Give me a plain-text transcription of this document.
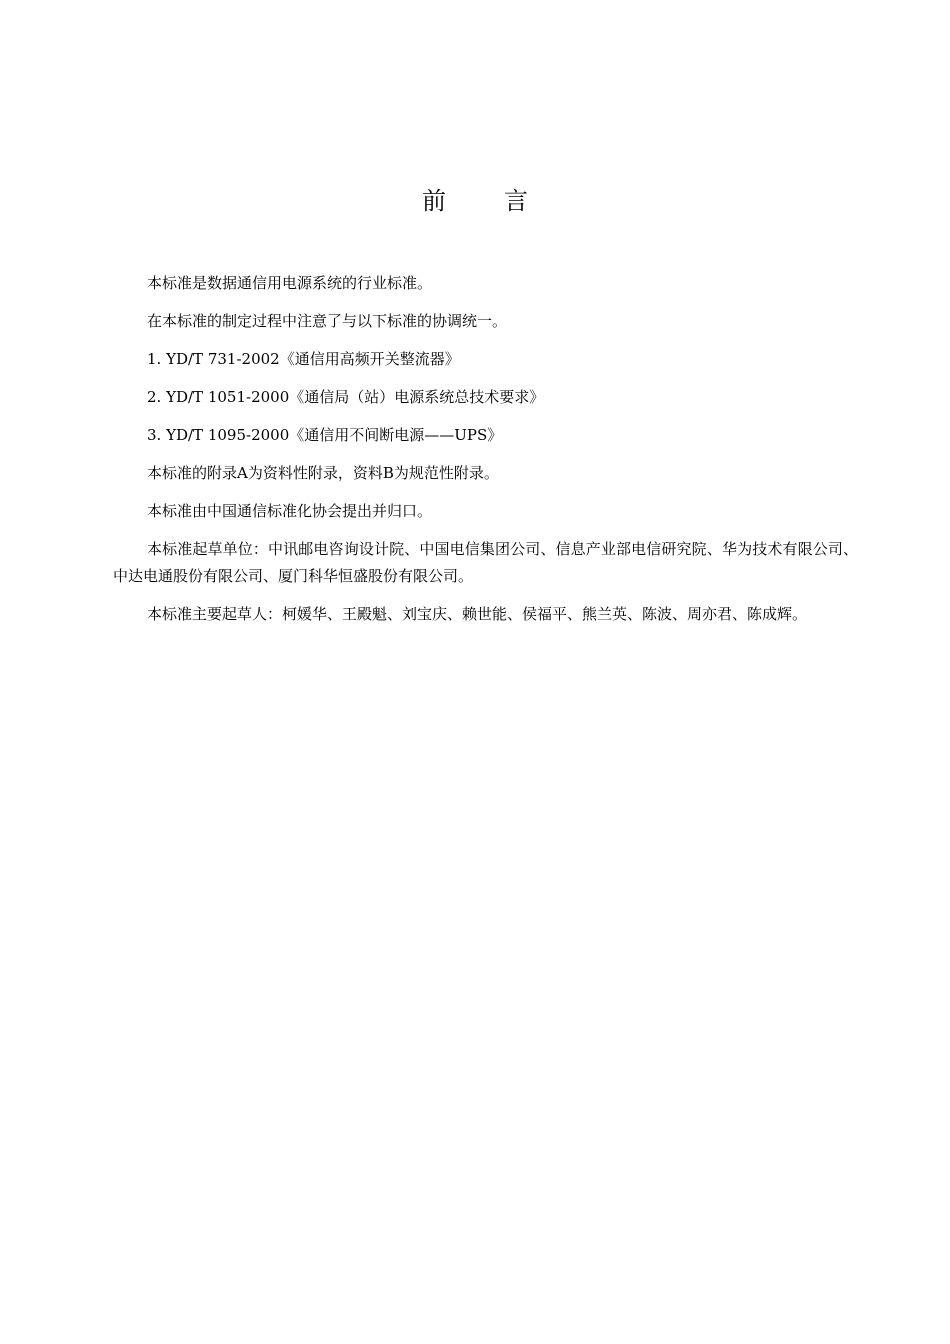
前 言

本标准是数据通信用电源系统的行业标准。

在本标准的制定过程中注意了与以下标准的协调统一。

1. YD/T 731-2002《通信用高频开关整流器》

2. YD/T 1051-2000《通信局（站）电源系统总技术要求》

3. YD/T 1095-2000《通信用不间断电源——UPS》

本标准的附录A为资料性附录，资料B为规范性附录。

本标准由中国通信标准化协会提出并归口。

本标准起草单位：中讯邮电咨询设计院、中国电信集团公司、信息产业部电信研究院、华为技术有限公司、中达电通股份有限公司、厦门科华恒盛股份有限公司。

本标准主要起草人：柯媛华、王殿魁、刘宝庆、赖世能、侯福平、熊兰英、陈波、周亦君、陈成辉。
